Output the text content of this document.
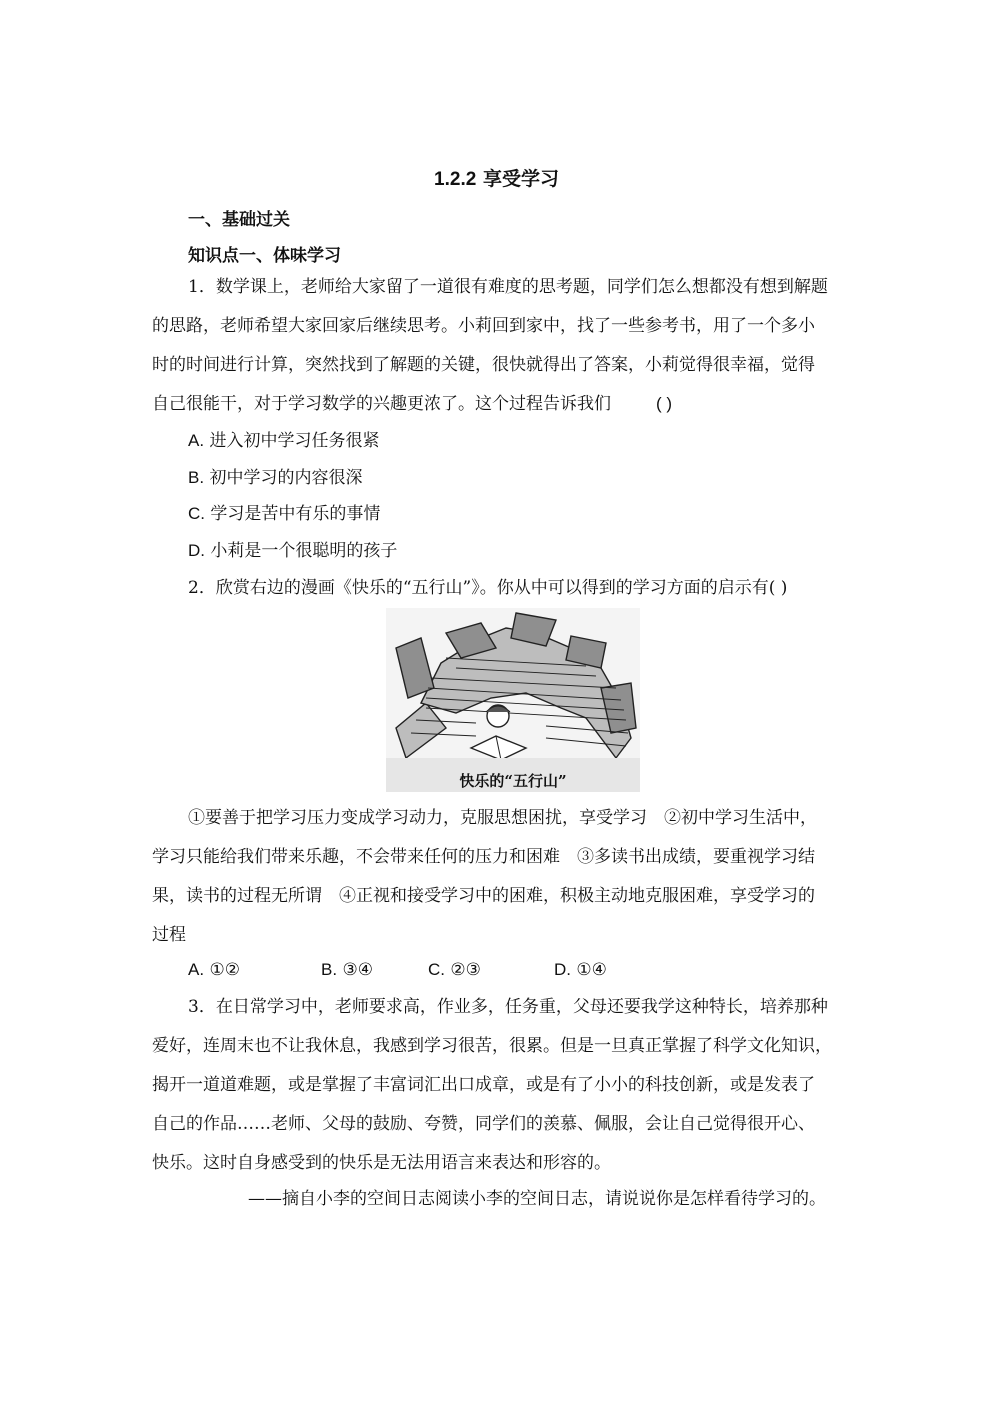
1.2.2 享受学习
一、基础过关
知识点一、体味学习
1．数学课上，老师给大家留了一道很有难度的思考题，同学们怎么想都没有想到解题
的思路，老师希望大家回家后继续思考。小莉回到家中，找了一些参考书，用了一个多小
时的时间进行计算，突然找到了解题的关键，很快就得出了答案，小莉觉得很幸福，觉得
自己很能干，对于学习数学的兴趣更浓了。这个过程告诉我们	( )
A. 进入初中学习任务很紧
B. 初中学习的内容很深
C. 学习是苦中有乐的事情
D. 小莉是一个很聪明的孩子
2．欣赏右边的漫画《快乐的“五行山”》。你从中可以得到的学习方面的启示有( )
快乐的“五行山”
①要善于把学习压力变成学习动力，克服思想困扰，享受学习　②初中学习生活中，
学习只能给我们带来乐趣，不会带来任何的压力和困难　③多读书出成绩，要重视学习结
果，读书的过程无所谓　④正视和接受学习中的困难，积极主动地克服困难，享受学习的
过程
A. ①②	B. ③④	C. ②③	D. ①④
3．在日常学习中，老师要求高，作业多，任务重，父母还要我学这种特长，培养那种
爱好，连周末也不让我休息，我感到学习很苦，很累。但是一旦真正掌握了科学文化知识，
揭开一道道难题，或是掌握了丰富词汇出口成章，或是有了小小的科技创新，或是发表了
自己的作品……老师、父母的鼓励、夸赞，同学们的羡慕、佩服，会让自己觉得很开心、
快乐。这时自身感受到的快乐是无法用语言来表达和形容的。
——摘自小李的空间日志阅读小李的空间日志，请说说你是怎样看待学习的。
